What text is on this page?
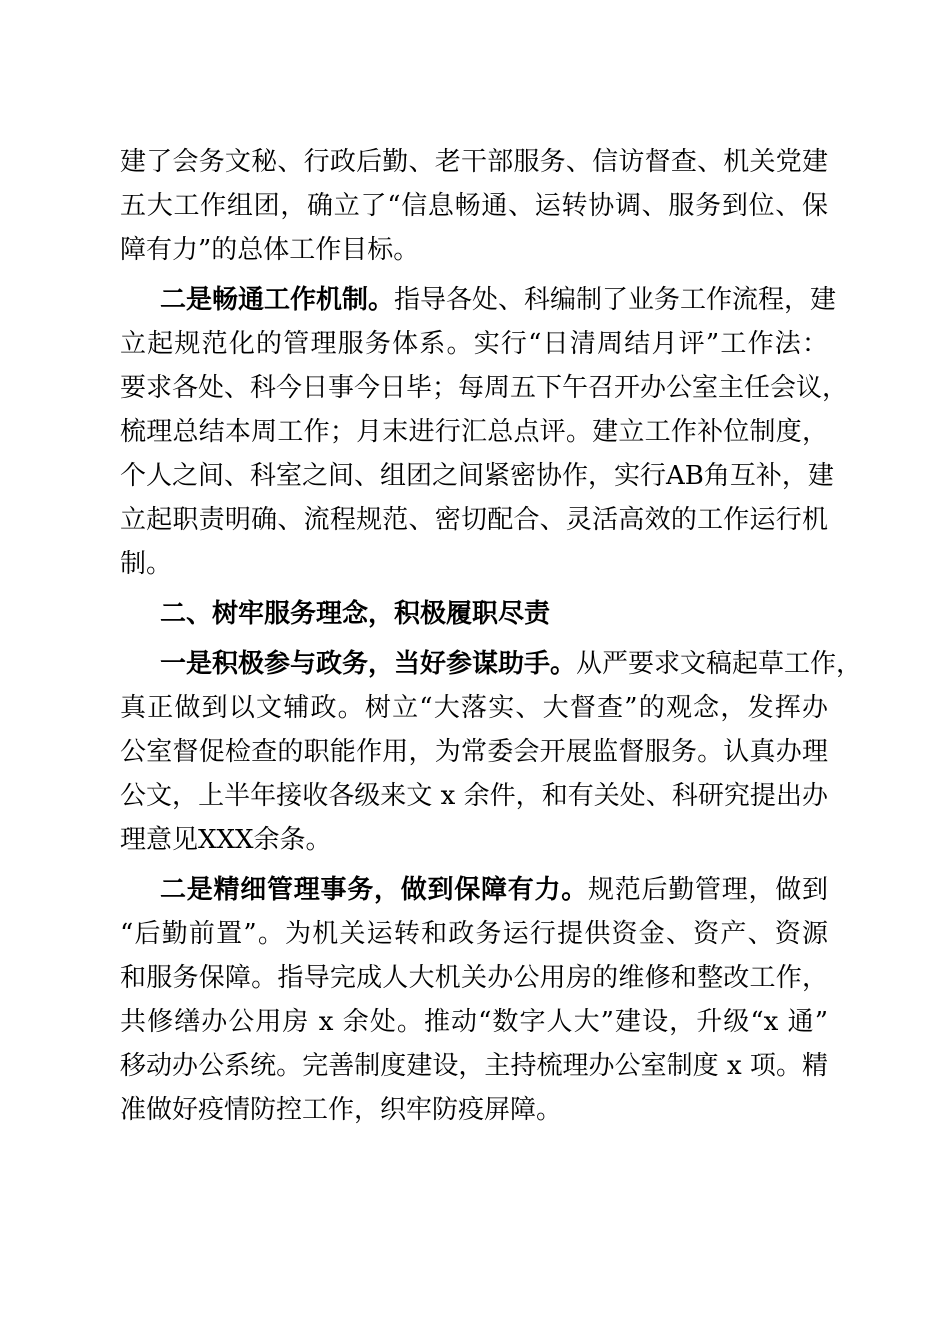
建了会务文秘、行政后勤、老干部服务、信访督查、机关党建
五大工作组团，确立了“信息畅通、运转协调、服务到位、保
障有力”的总体工作目标。
二是畅通工作机制。指导各处、科编制了业务工作流程，建
立起规范化的管理服务体系。实行“日清周结月评”工作法：
要求各处、科今日事今日毕；每周五下午召开办公室主任会议，
梳理总结本周工作；月末进行汇总点评。建立工作补位制度，
个人之间、科室之间、组团之间紧密协作，实行AB角互补，建
立起职责明确、流程规范、密切配合、灵活高效的工作运行机
制。
二、树牢服务理念，积极履职尽责
一是积极参与政务，当好参谋助手。从严要求文稿起草工作，
真正做到以文辅政。树立“大落实、大督查”的观念，发挥办
公室督促检查的职能作用，为常委会开展监督服务。认真办理
公文，上半年接收各级来文 x 余件，和有关处、科研究提出办
理意见XXX余条。
二是精细管理事务，做到保障有力。规范后勤管理，做到
“后勤前置”。为机关运转和政务运行提供资金、资产、资源
和服务保障。指导完成人大机关办公用房的维修和整改工作，
共修缮办公用房 x 余处。推动“数字人大”建设，升级“x 通”
移动办公系统。完善制度建设，主持梳理办公室制度 x 项。精
准做好疫情防控工作，织牢防疫屏障。
